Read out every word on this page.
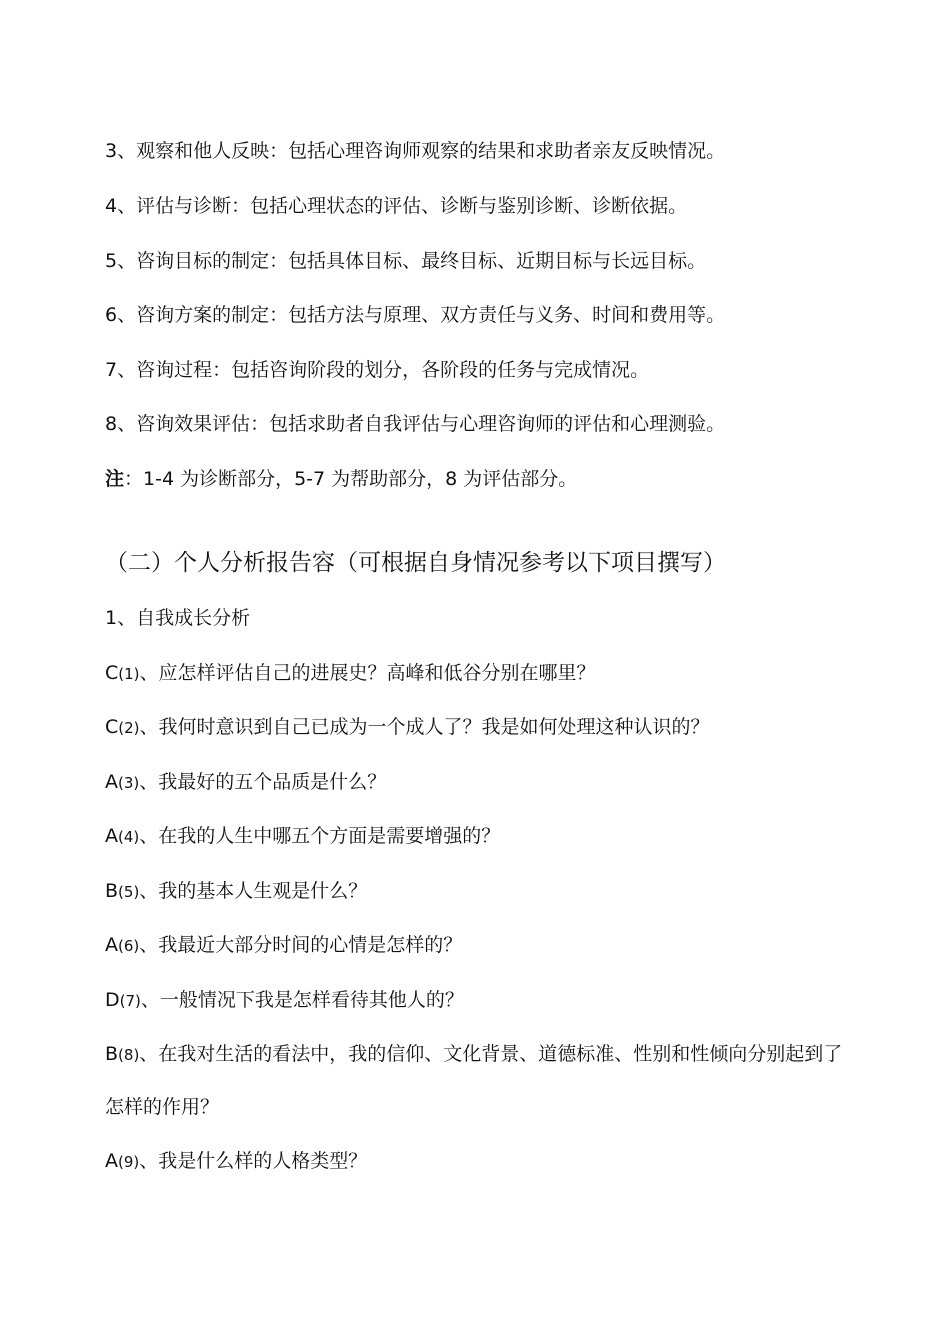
3、观察和他人反映：包括心理咨询师观察的结果和求助者亲友反映情况。
4、评估与诊断：包括心理状态的评估、诊断与鉴别诊断、诊断依据。
5、咨询目标的制定：包括具体目标、最终目标、近期目标与长远目标。
6、咨询方案的制定：包括方法与原理、双方责任与义务、时间和费用等。
7、咨询过程：包括咨询阶段的划分，各阶段的任务与完成情况。
8、咨询效果评估：包括求助者自我评估与心理咨询师的评估和心理测验。
注：1-4 为诊断部分，5-7 为帮助部分，8 为评估部分。
（二）个人分析报告容（可根据自身情况参考以下项目撰写）
1、自我成长分析
C(1)、应怎样评估自己的进展史？高峰和低谷分别在哪里？
C(2)、我何时意识到自己已成为一个成人了？我是如何处理这种认识的？
A(3)、我最好的五个品质是什么？
A(4)、在我的人生中哪五个方面是需要增强的？
B(5)、我的基本人生观是什么？
A(6)、我最近大部分时间的心情是怎样的？
D(7)、一般情况下我是怎样看待其他人的？
B(8)、在我对生活的看法中，我的信仰、文化背景、道德标准、性别和性倾向分别起到了
怎样的作用？
A(9)、我是什么样的人格类型？
